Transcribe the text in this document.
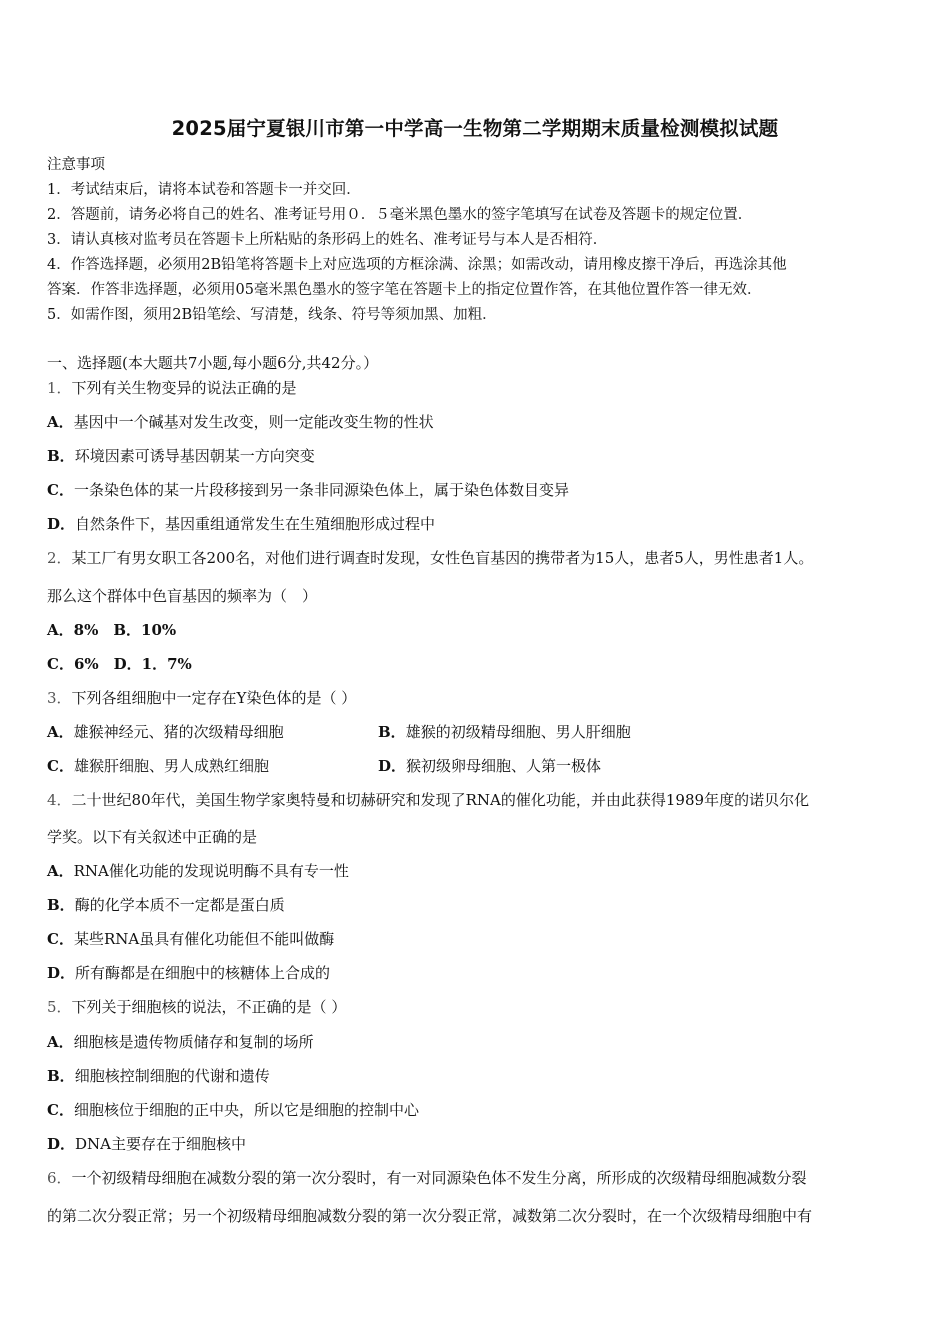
2025届宁夏银川市第一中学高一生物第二学期期末质量检测模拟试题
注意事项
1．考试结束后，请将本试卷和答题卡一并交回．
2．答题前，请务必将自己的姓名、准考证号用０．５毫米黑色墨水的签字笔填写在试卷及答题卡的规定位置．
3．请认真核对监考员在答题卡上所粘贴的条形码上的姓名、准考证号与本人是否相符．
4．作答选择题，必须用2B铅笔将答题卡上对应选项的方框涂满、涂黑；如需改动，请用橡皮擦干净后，再选涂其他
答案．作答非选择题，必须用05毫米黑色墨水的签字笔在答题卡上的指定位置作答，在其他位置作答一律无效．
5．如需作图，须用2B铅笔绘、写清楚，线条、符号等须加黑、加粗．
一、选择题(本大题共7小题,每小题6分,共42分。）
1．下列有关生物变异的说法正确的是
A．基因中一个碱基对发生改变，则一定能改变生物的性状
B．环境因素可诱导基因朝某一方向突变
C．一条染色体的某一片段移接到另一条非同源染色体上，属于染色体数目变异
D．自然条件下，基因重组通常发生在生殖细胞形成过程中
2．某工厂有男女职工各200名，对他们进行调查时发现，女性色盲基因的携带者为15人，患者5人，男性患者1人。
那么这个群体中色盲基因的频率为（　）
A．8%　B．10%
C．6%　D．1．7%
3．下列各组细胞中一定存在Y染色体的是（ ）
A．雄猴神经元、猪的次级精母细胞	B．雄猴的初级精母细胞、男人肝细胞
C．雄猴肝细胞、男人成熟红细胞	D．猴初级卵母细胞、人第一极体
4．二十世纪80年代，美国生物学家奥特曼和切赫研究和发现了RNA的催化功能，并由此获得1989年度的诺贝尔化
学奖。以下有关叙述中正确的是
A．RNA催化功能的发现说明酶不具有专一性
B．酶的化学本质不一定都是蛋白质
C．某些RNA虽具有催化功能但不能叫做酶
D．所有酶都是在细胞中的核糖体上合成的
5．下列关于细胞核的说法，不正确的是（ ）
A．细胞核是遗传物质储存和复制的场所
B．细胞核控制细胞的代谢和遗传
C．细胞核位于细胞的正中央，所以它是细胞的控制中心
D．DNA主要存在于细胞核中
6．一个初级精母细胞在减数分裂的第一次分裂时，有一对同源染色体不发生分离，所形成的次级精母细胞减数分裂
的第二次分裂正常；另一个初级精母细胞减数分裂的第一次分裂正常，减数第二次分裂时，在一个次级精母细胞中有
